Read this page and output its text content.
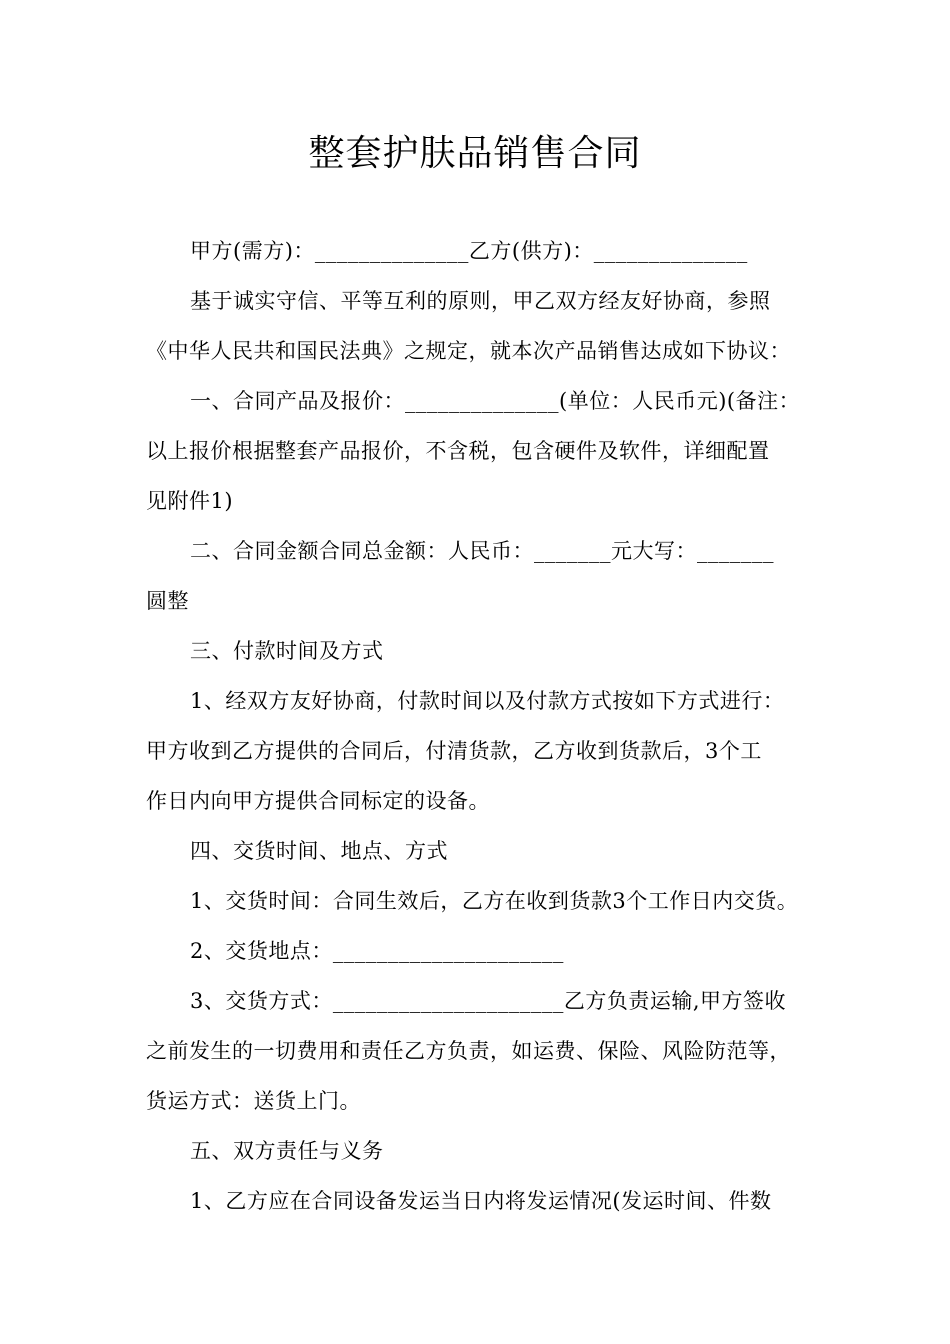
整套护肤品销售合同
甲方(需方)：______________乙方(供方)：______________
基于诚实守信、平等互利的原则，甲乙双方经友好协商，参照
《中华人民共和国民法典》之规定，就本次产品销售达成如下协议：
一、合同产品及报价：______________(单位：人民币元)(备注：
以上报价根据整套产品报价，不含税，包含硬件及软件，详细配置
见附件1)
二、合同金额合同总金额：人民币：_______元大写：_______
圆整
三、付款时间及方式
1、经双方友好协商，付款时间以及付款方式按如下方式进行：
甲方收到乙方提供的合同后，付清货款，乙方收到货款后，3个工
作日内向甲方提供合同标定的设备。
四、交货时间、地点、方式
1、交货时间：合同生效后，乙方在收到货款3个工作日内交货。
2、交货地点：_____________________
3、交货方式：_____________________乙方负责运输,甲方签收
之前发生的一切费用和责任乙方负责，如运费、保险、风险防范等，
货运方式：送货上门。
五、双方责任与义务
1、乙方应在合同设备发运当日内将发运情况(发运时间、件数
